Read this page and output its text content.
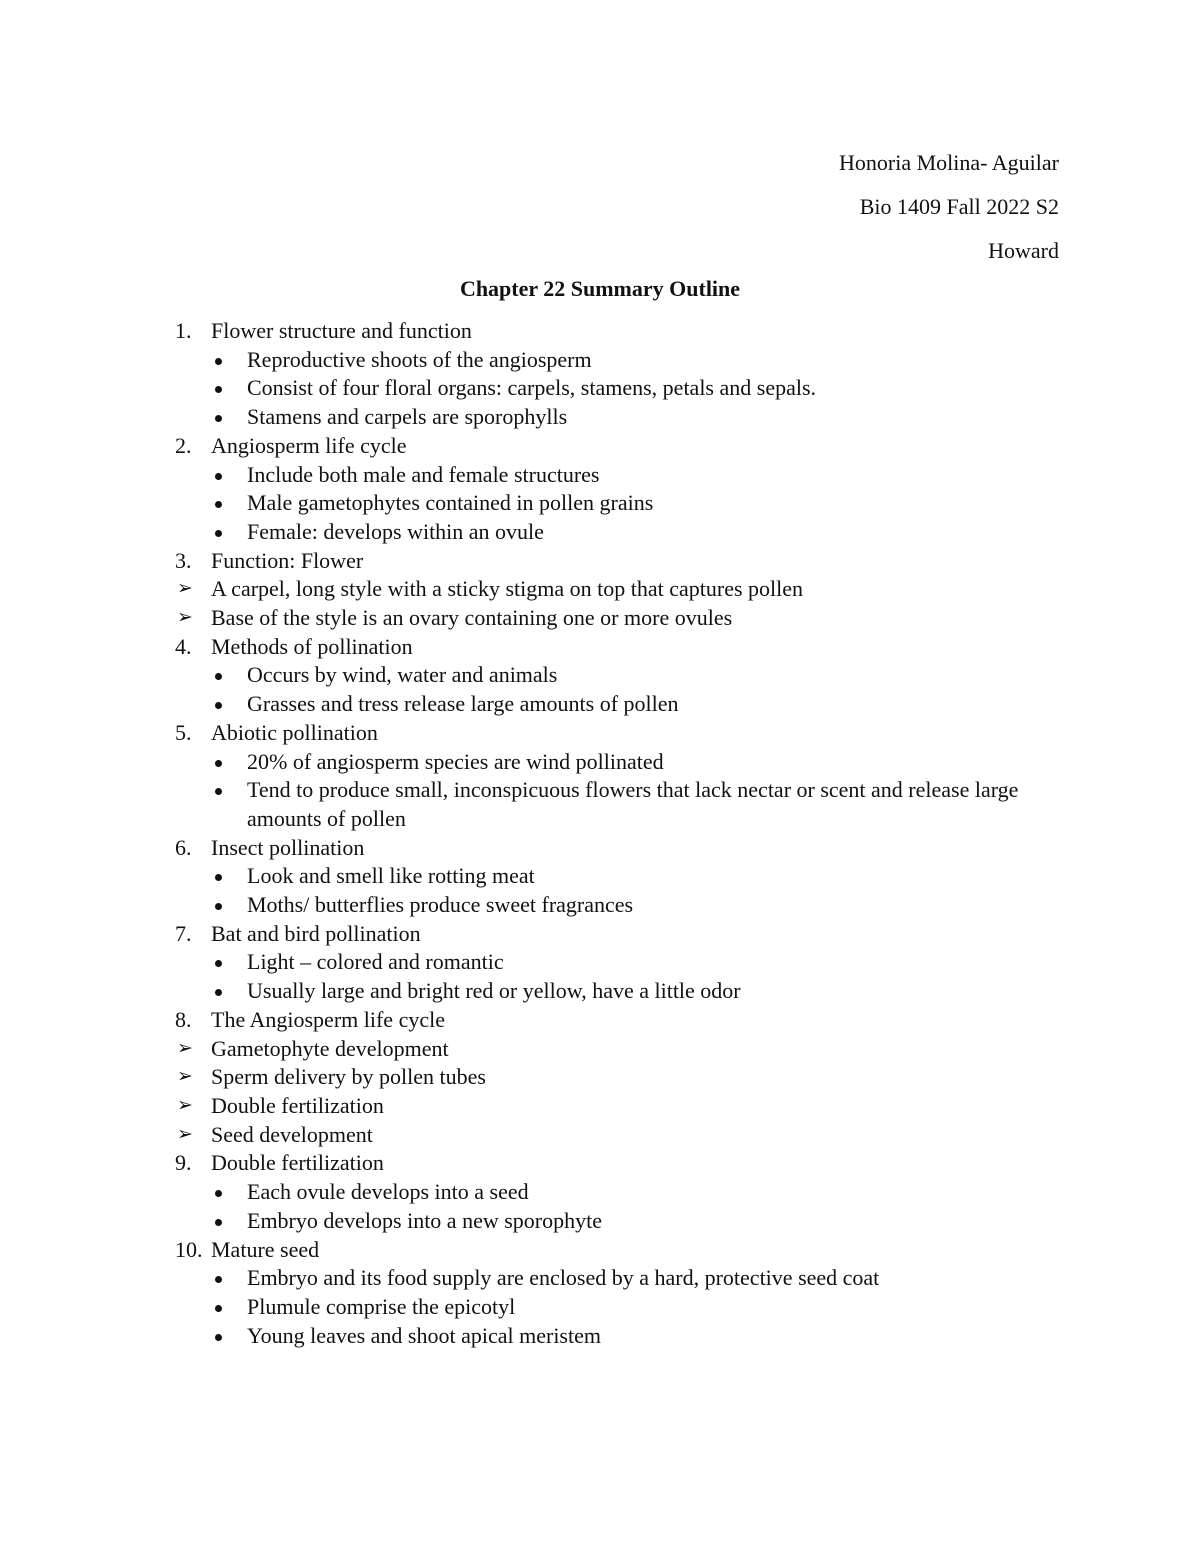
Honoria Molina- Aguilar
Bio 1409 Fall 2022 S2
Howard
Chapter 22 Summary Outline
1. Flower structure and function
Reproductive shoots of the angiosperm
Consist of four floral organs: carpels, stamens, petals and sepals.
Stamens and carpels are sporophylls
2. Angiosperm life cycle
Include both male and female structures
Male gametophytes contained in pollen grains
Female: develops within an ovule
3. Function: Flower
➢ A carpel, long style with a sticky stigma on top that captures pollen
➢ Base of the style is an ovary containing one or more ovules
4. Methods of pollination
Occurs by wind, water and animals
Grasses and tress release large amounts of pollen
5. Abiotic pollination
20% of angiosperm species are wind pollinated
Tend to produce small, inconspicuous flowers that lack nectar or scent and release large amounts of pollen
6. Insect pollination
Look and smell like rotting meat
Moths/ butterflies produce sweet fragrances
7. Bat and bird pollination
Light – colored and romantic
Usually large and bright red or yellow, have a little odor
8. The Angiosperm life cycle
➢ Gametophyte development
➢ Sperm delivery by pollen tubes
➢ Double fertilization
➢ Seed development
9. Double fertilization
Each ovule develops into a seed
Embryo develops into a new sporophyte
10. Mature seed
Embryo and its food supply are enclosed by a hard, protective seed coat
Plumule comprise the epicotyl
Young leaves and shoot apical meristem
